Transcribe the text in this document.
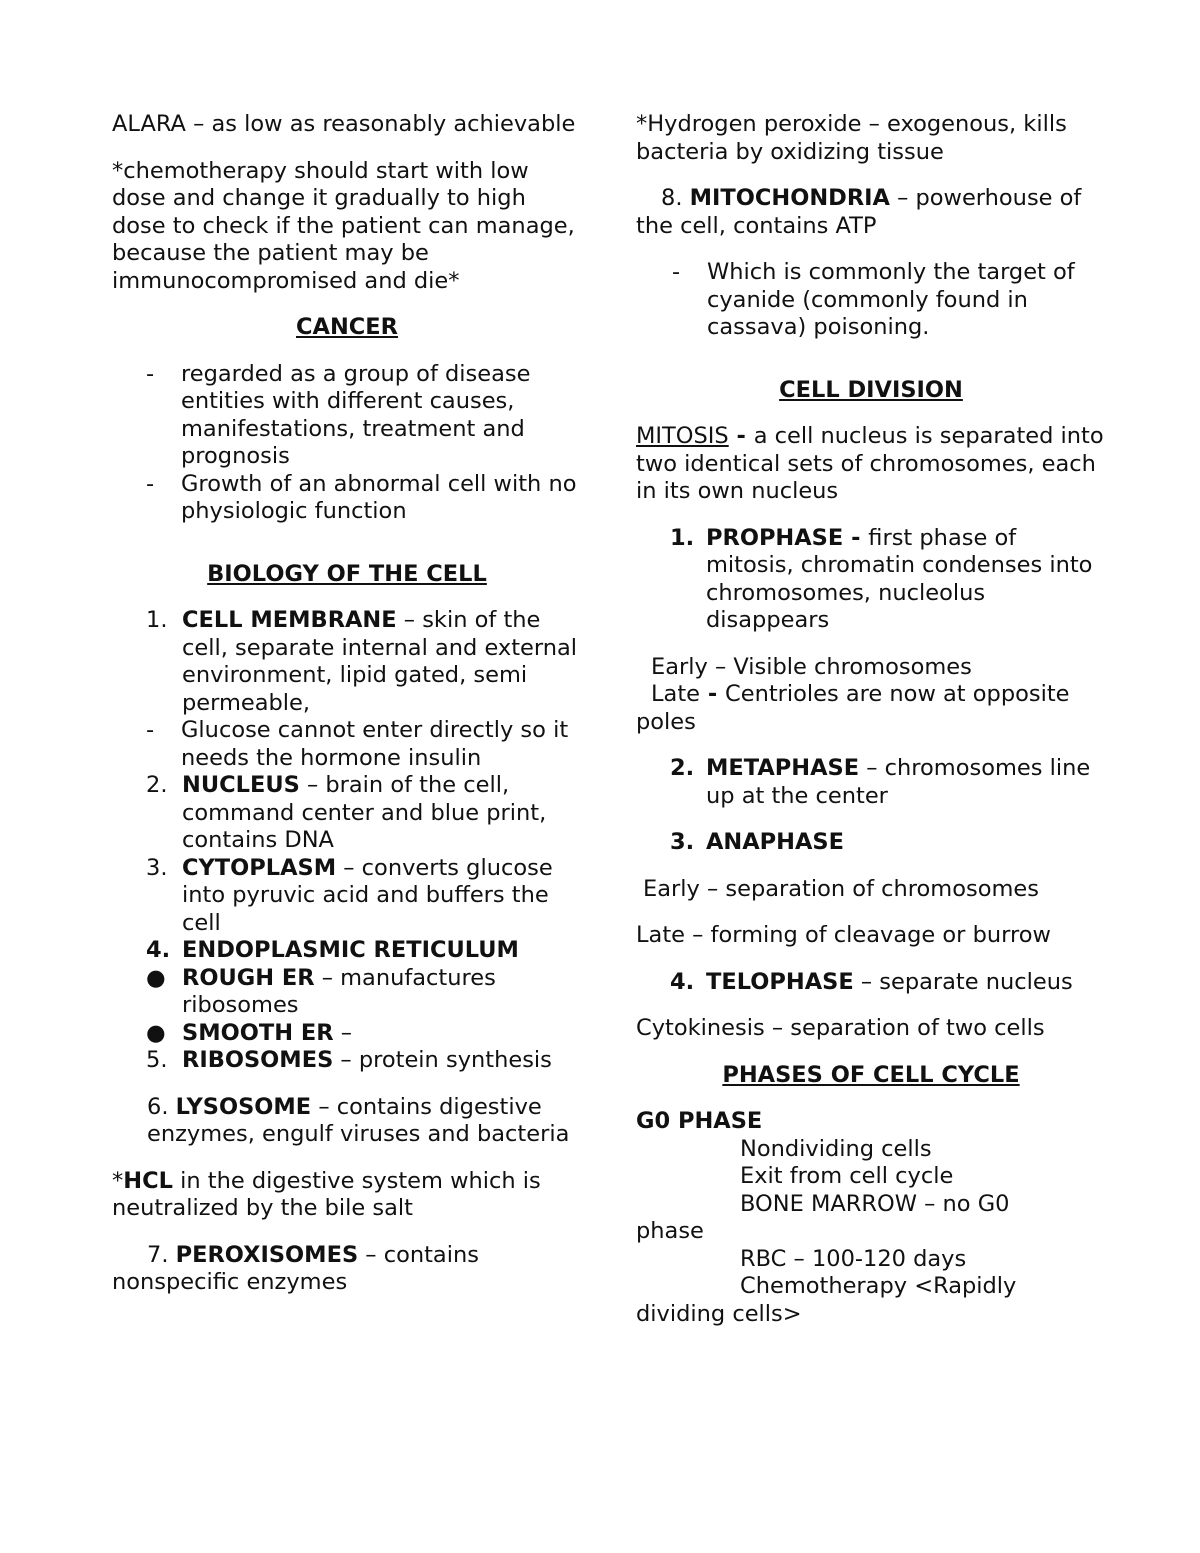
ALARA – as low as reasonably achievable

*chemotherapy should start with low dose and change it gradually to high dose to check if the patient can manage, because the patient may be immunocompromised and die*

CANCER

-	regarded as a group of disease entities with different causes, manifestations, treatment and prognosis
-	Growth of an abnormal cell with no physiologic function

BIOLOGY OF THE CELL

1. CELL MEMBRANE – skin of the cell, separate internal and external environment, lipid gated, semi permeable,
-	Glucose cannot enter directly so it needs the hormone insulin
2. NUCLEUS – brain of the cell, command center and blue print, contains DNA
3. CYTOPLASM – converts glucose into pyruvic acid and buffers the cell
4. ENDOPLASMIC RETICULUM
● ROUGH ER – manufactures ribosomes
● SMOOTH ER –
5. RIBOSOMES – protein synthesis

6. LYSOSOME – contains digestive enzymes, engulf viruses and bacteria

*HCL in the digestive system which is neutralized by the bile salt

7. PEROXISOMES – contains nonspecific enzymes

*Hydrogen peroxide – exogenous, kills bacteria by oxidizing tissue

8. MITOCHONDRIA – powerhouse of the cell, contains ATP

-	Which is commonly the target of cyanide (commonly found in cassava) poisoning.

CELL DIVISION

MITOSIS - a cell nucleus is separated into two identical sets of chromosomes, each in its own nucleus

1. PROPHASE - first phase of mitosis, chromatin condenses into chromosomes, nucleolus disappears

Early – Visible chromosomes

Late - Centrioles are now at opposite poles

2. METAPHASE – chromosomes line up at the center
3. ANAPHASE

Early – separation of chromosomes

Late – forming of cleavage or burrow

4. TELOPHASE – separate nucleus

Cytokinesis – separation of two cells

PHASES OF CELL CYCLE

G0 PHASE

Nondividing cells

Exit from cell cycle

BONE MARROW – no G0

phase

RBC – 100-120 days

Chemotherapy <Rapidly

dividing cells>
